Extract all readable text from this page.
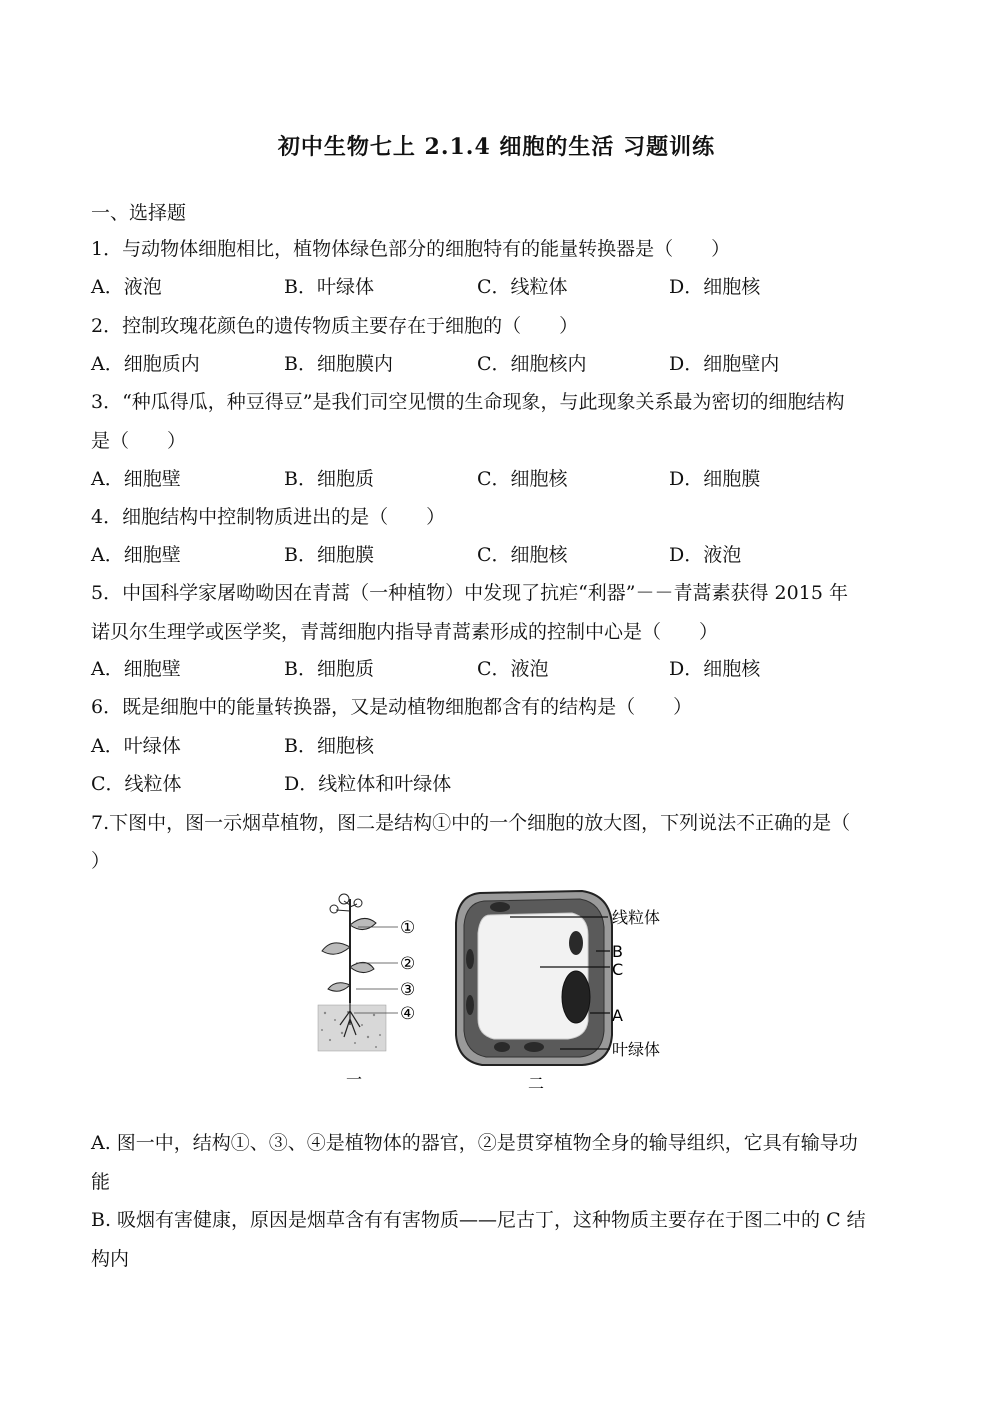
初中生物七上 2.1.4 细胞的生活 习题训练
一、选择题
1．与动物体细胞相比，植物体绿色部分的细胞特有的能量转换器是（　　）
A．液泡	B．叶绿体	C．线粒体	D．细胞核
2．控制玫瑰花颜色的遗传物质主要存在于细胞的（　　）
A．细胞质内	B．细胞膜内	C．细胞核内	D．细胞壁内
3．“种瓜得瓜，种豆得豆”是我们司空见惯的生命现象，与此现象关系最为密切的细胞结构
是（　　）
A．细胞壁	B．细胞质	C．细胞核	D．细胞膜
4．细胞结构中控制物质进出的是（　　）
A．细胞壁	B．细胞膜	C．细胞核	D．液泡
5．中国科学家屠呦呦因在青蒿（一种植物）中发现了抗疟“利器”－－青蒿素获得 2015 年
诺贝尔生理学或医学奖，青蒿细胞内指导青蒿素形成的控制中心是（　　）
A．细胞壁	B．细胞质	C．液泡	D．细胞核
6．既是细胞中的能量转换器，又是动植物细胞都含有的结构是（　　）
A．叶绿体	B．细胞核
C．线粒体	D．线粒体和叶绿体
7.下图中，图一示烟草植物，图二是结构①中的一个细胞的放大图，下列说法不正确的是（
）
①
②
③
④
一
线粒体
B
C
A
叶绿体
二
A. 图一中，结构①、③、④是植物体的器官，②是贯穿植物全身的输导组织，它具有输导功
能
B. 吸烟有害健康，原因是烟草含有有害物质——尼古丁，这种物质主要存在于图二中的 C 结
构内
